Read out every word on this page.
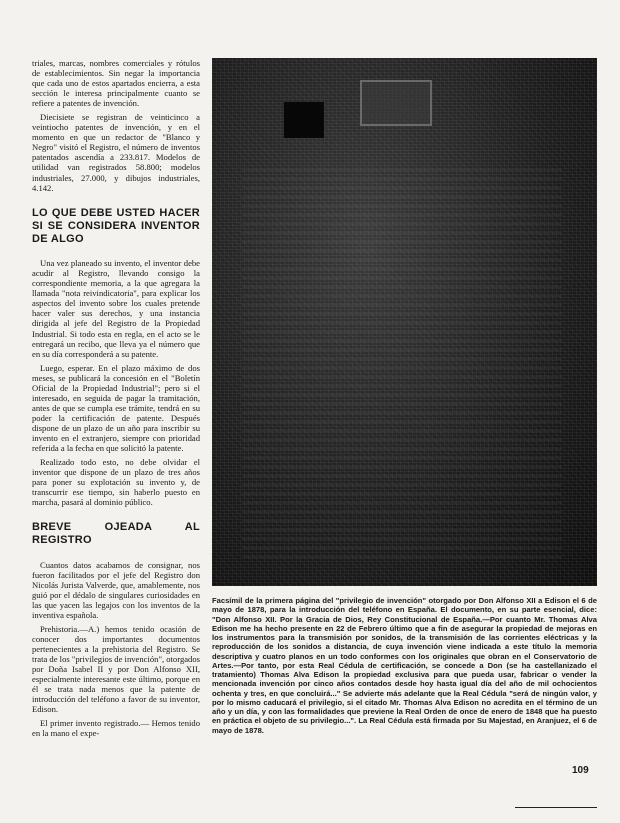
triales, marcas, nombres comerciales y rótulos de establecimientos. Sin negar la importancia que cada uno de estos apartados encierra, a esta sección le interesa principalmente cuanto se refiere a patentes de invención.

Diecisiete se registran de veinticinco a veintiocho patentes de invención, y en el momento en que un redactor de "Blanco y Negro" visitó el Registro, el número de inventos patentados ascendía a 233.817. Modelos de utilidad van registrados 58.800; modelos industriales, 27.000, y dibujos industriales, 4.142.

LO QUE DEBE USTED HACER SI SE CONSIDERA INVENTOR DE ALGO

Una vez planeado su invento, el inventor debe acudir al Registro, llevando consigo la correspondiente memoria, a la que agregara la llamada "nota reivindicatoria", para explicar los aspectos del invento sobre los cuales pretende hacer valer sus derechos, y una instancia dirigida al jefe del Registro de la Propiedad Industrial. Si todo esta en regla, en el acto se le entregará un recibo, que lleva ya el número que en su día corresponderá a su patente.

Luego, esperar. En el plazo máximo de dos meses, se publicará la concesión en el "Boletín Oficial de la Propiedad Industrial"; pero si el interesado, en seguida de pagar la tramitación, antes de que se cumpla ese trámite, tendrá en su poder la certificación de patente. Después dispone de un plazo de un año para inscribir su invento en el extranjero, siempre con prioridad referida a la fecha en que solicitó la patente.

Realizado todo esto, no debe olvidar el inventor que dispone de un plazo de tres años para poner su explotación su invento y, de transcurrir ese tiempo, sin haberlo puesto en marcha, pasará al dominio público.

BREVE OJEADA AL REGISTRO

Cuantos datos acabamos de consignar, nos fueron facilitados por el jefe del Registro don Nicolás Jurista Valverde, que, amablemente, nos guió por el dédalo de singulares curiosidades en las que yacen las legajos con los inventos de la inventiva española.

Prehistoria.—A.) hemos tenido ocasión de conocer dos importantes documentos pertenecientes a la prehistoria del Registro. Se trata de los "privilegios de invención", otorgados por Doña Isabel II y por Don Alfonso XII, especialmente interesante este último, porque en él se trata nada menos que la patente de introducción del teléfono a favor de su inventor, Edison.

El primer invento registrado.— Hemos tenido en la mano el expe-

Facsímil de la primera página del "privilegio de invención" otorgado por Don Alfonso XII a Edison el 6 de mayo de 1878, para la introducción del teléfono en España. El documento, en su parte esencial, dice: "Don Alfonso XII. Por la Gracia de Dios, Rey Constitucional de España.—Por cuanto Mr. Thomas Alva Edison me ha hecho presente en 22 de Febrero último que a fin de asegurar la propiedad de mejoras en los instrumentos para la transmisión por sonidos, de la transmisión de las corrientes eléctricas y la reproducción de los sonidos a distancia, de cuya invención viene indicada a este título la memoria descriptiva y cuatro planos en un todo conformes con los originales que obran en el Conservatorio de Artes.—Por tanto, por esta Real Cédula de certificación, se concede a Don (se ha castellanizado el tratamiento) Thomas Alva Edison la propiedad exclusiva para que pueda usar, fabricar o vender la mencionada invención por cinco años contados desde hoy hasta igual día del año de mil ochocientos ochenta y tres, en que concluirá..." Se advierte más adelante que la Real Cédula "será de ningún valor, y por lo mismo caducará el privilegio, si el citado Mr. Thomas Alva Edison no acredita en el término de un año y un día, y con las formalidades que previene la Real Orden de once de enero de 1848 que ha puesto en práctica el objeto de su privilegio...". La Real Cédula está firmada por Su Majestad, en Aranjuez, el 6 de mayo de 1878.
109
